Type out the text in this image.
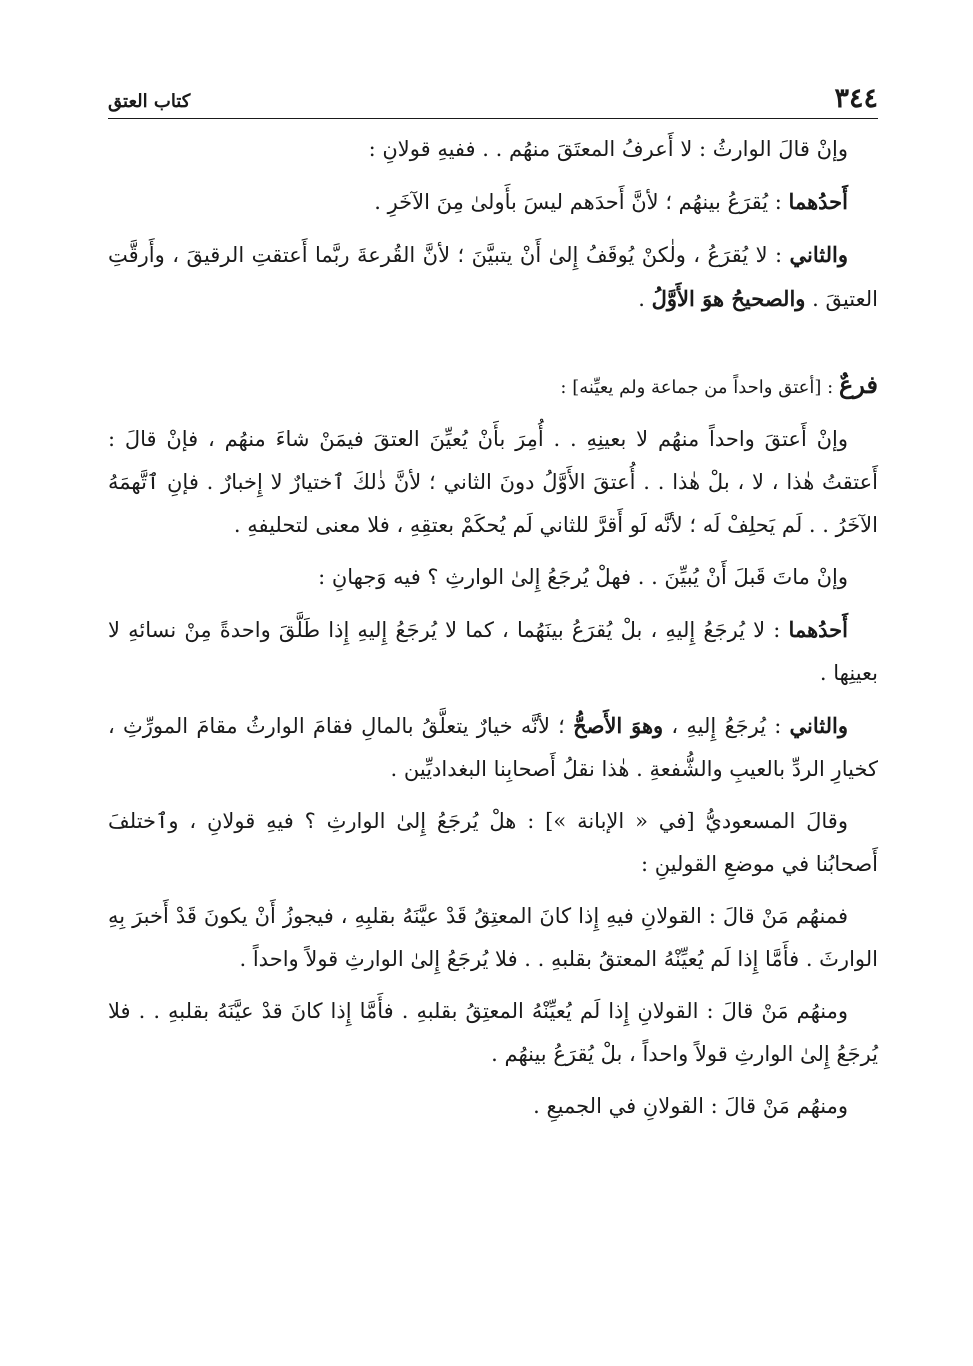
كتاب العتق	٣٤٤

وإنْ قالَ الوارثُ : لا أَعرفُ المعتَقَ منهُم . . ففيهِ قولانِ :

أَحدُهما : يُقرَعُ بينهُم ؛ لأنَّ أَحدَهم ليسَ بأَولىٰ مِنَ الآخَرِ .

والثاني : لا يُقرَعُ ، ولٰكنْ يُوقَفُ إِلىٰ أَنْ يتبيَّنَ ؛ لأنَّ القُرعةَ ربَّما أَعتقتِ الرقيقَ ، وأَرقَّتِ العتيقَ . والصحيحُ هوَ الأَوَّلُ .

فرعٌ : [أعتق واحداً من جماعة ولم يعيِّنه] :

وإنْ أَعتقَ واحداً منهُم لا بعينِهِ . . أُمِرَ بأَنْ يُعيِّنَ العتقَ فيمَنْ شاءَ منهُم ، فإنْ قالَ : أَعتقتُ هٰذا ، لا ، بلْ هٰذا . . أُعتقَ الأَوَّلُ دونَ الثاني ؛ لأنَّ ذٰلكَ ٱختيارٌ لا إِخبارٌ . فإنِ ٱتَّهمَهُ الآخَرُ . . لَم يَحلِفْ لَه ؛ لأنَّه لَو أَقرَّ للثاني لَم يُحكَمْ بعتقِهِ ، فلا معنى لتحليفهِ .

وإنْ ماتَ قَبلَ أَنْ يُبيِّنَ . . فهلْ يُرجَعُ إِلىٰ الوارثِ ؟ فيه وَجهانِ :

أَحدُهما : لا يُرجَعُ إِليهِ ، بلْ يُقرَعُ بينَهُما ، كما لا يُرجَعُ إِليهِ إِذا طَلَّقَ واحدةً مِنْ نسائهِ لا بعينِها .

والثاني : يُرجَعُ إِليهِ ، وهوَ الأَصحُّ ؛ لأنَّه خيارٌ يتعلَّقُ بالمالِ فقامَ الوارثُ مقامَ المورِّثِ ، كخيارِ الردِّ بالعيبِ والشُّفعةِ . هٰذا نقلُ أَصحابِنا البغداديِّين .

وقالَ المسعوديُّ [في « الإبانة »] : هلْ يُرجَعُ إِلىٰ الوارثِ ؟ فيهِ قولانِ ، وٱختلفَ أَصحابُنا في موضعِ القولينِ :

فمنهُم مَنْ قالَ : القولانِ فيهِ إِذا كانَ المعتِقُ قَدْ عيَّنَهُ بقلبِهِ ، فيجوزُ أَنْ يكونَ قَدْ أَخبرَ بِهِ الوارثَ . فأَمَّا إِذا لَم يُعيِّنْهُ المعتقُ بقلبهِ . . فلا يُرجَعُ إِلىٰ الوارثِ قولاً واحداً .

ومنهُم مَنْ قالَ : القولانِ إِذا لَم يُعيِّنْهُ المعتِقُ بقلبهِ . فأَمَّا إِذا كانَ قدْ عيَّنَهُ بقلبهِ . . فلا يُرجَعُ إِلىٰ الوارثِ قولاً واحداً ، بلْ يُقرَعُ بينهُم .

ومنهُم مَنْ قالَ : القولانِ في الجميعِ .
